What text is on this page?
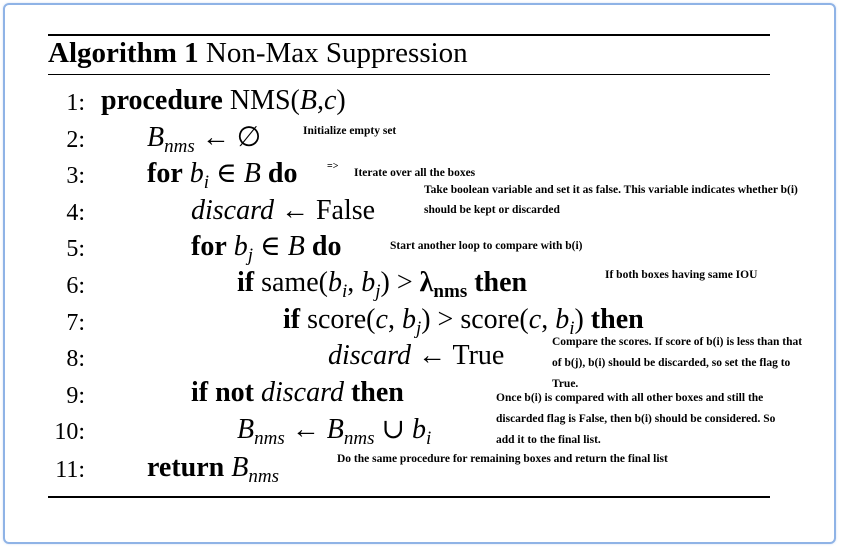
Algorithm 1 Non-Max Suppression
1:
2:
3:
4:
5:
6:
7:
8:
9:
10:
11:
procedure NMS(B,c)
$B_{nms}$ ← ∅	Initialize empty set
for $b_i$ ∈ B do	=>
Iterate over all the boxes
discard ← False
Take boolean variable and set it as false. This variable indicates whether b(i)
should be kept or discarded
for $b_j$ ∈ B do	Start another loop to compare with b(i)
if $same(b_i$, $b_j) > \lambda_{nms}$ then	If both boxes having same IOU
if score(c, $b_j$) > score(c, $b_i$) then
discard ← True	Compare the scores. If score of b(i) is less than that
of b(j), b(i) should be discarded, so set the flag to
True.
if not discard then
$B_{nms}$ ← $B_{nms}$ ∪ $b_i$
Once b(i) is compared with all other boxes and still the
discarded flag is False, then b(i) should be considered. So
add it to the final list.
return $B_{nms}$
Do the same procedure for remaining boxes and return the final list
